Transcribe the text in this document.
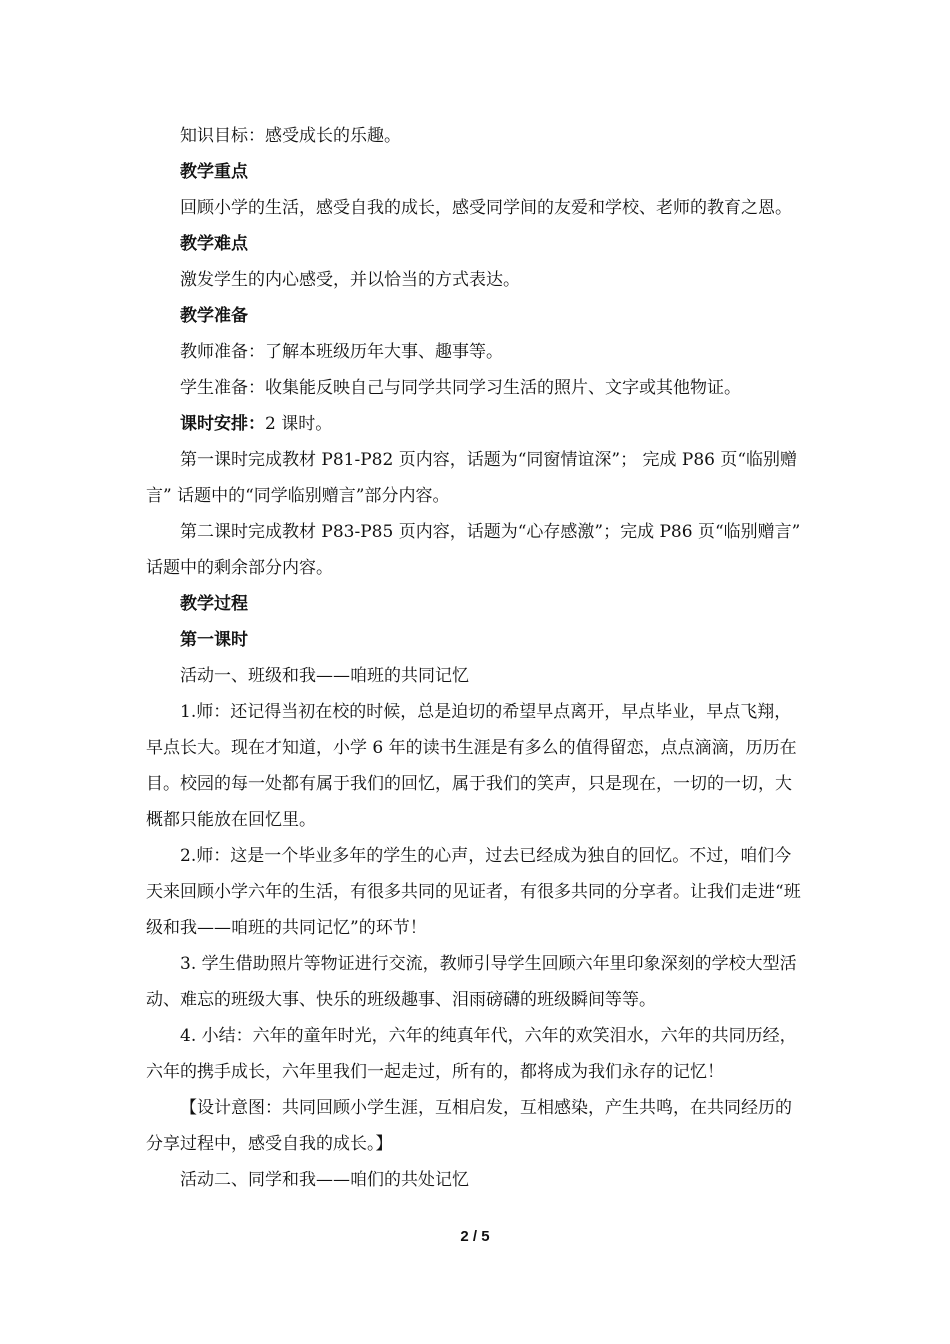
知识目标：感受成长的乐趣。

教学重点

回顾小学的生活，感受自我的成长，感受同学间的友爱和学校、老师的教育之恩。

教学难点

激发学生的内心感受，并以恰当的方式表达。

教学准备

教师准备：了解本班级历年大事、趣事等。

学生准备：收集能反映自己与同学共同学习生活的照片、文字或其他物证。

课时安排：2 课时。

第一课时完成教材 P81-P82 页内容，话题为“同窗情谊深”； 完成 P86 页“临别赠言” 话题中的“同学临别赠言”部分内容。

第二课时完成教材 P83-P85 页内容，话题为“心存感激”；完成 P86 页“临别赠言” 话题中的剩余部分内容。

教学过程

第一课时

活动一、班级和我——咱班的共同记忆

1.师：还记得当初在校的时候，总是迫切的希望早点离开，早点毕业，早点飞翔，早点长大。现在才知道，小学 6 年的读书生涯是有多么的值得留恋，点点滴滴，历历在目。校园的每一处都有属于我们的回忆，属于我们的笑声，只是现在，一切的一切，大概都只能放在回忆里。

2.师：这是一个毕业多年的学生的心声，过去已经成为独自的回忆。不过，咱们今天来回顾小学六年的生活，有很多共同的见证者，有很多共同的分享者。让我们走进“班级和我——咱班的共同记忆”的环节！

3. 学生借助照片等物证进行交流，教师引导学生回顾六年里印象深刻的学校大型活动、难忘的班级大事、快乐的班级趣事、泪雨磅礴的班级瞬间等等。

4. 小结：六年的童年时光，六年的纯真年代，六年的欢笑泪水，六年的共同历经，六年的携手成长，六年里我们一起走过，所有的，都将成为我们永存的记忆！

【设计意图：共同回顾小学生涯，互相启发，互相感染，产生共鸣，在共同经历的分享过程中，感受自我的成长。】

活动二、同学和我——咱们的共处记忆

2 / 5
